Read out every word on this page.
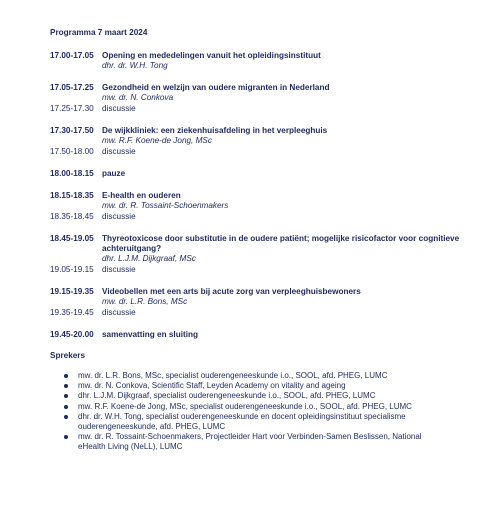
Programma 7 maart 2024
17.00-17.05	Opening en mededelingen vanuit het opleidingsinstituut
dhr. dr. W.H. Tong
17.05-17.25	Gezondheid en welzijn van oudere migranten in Nederland
mw. dr. N. Conkova
17.25-17.30	discussie
17.30-17.50	De wijkkliniek: een ziekenhuisafdeling in het verpleeghuis
mw. R.F. Koene-de Jong, MSc
17.50-18.00	discussie
18.00-18.15	pauze
18.15-18.35	E-health en ouderen
mw. dr. R. Tossaint-Schoenmakers
18.35-18.45	discussie
18.45-19.05	Thyreotoxicose door substitutie in de oudere patiënt; mogelijke risicofactor voor cognitieve achteruitgang?
dhr. L.J.M. Dijkgraaf, MSc
19.05-19.15	discussie
19.15-19.35	Videobellen met een arts bij acute zorg van verpleeghuisbewoners
mw. dr. L.R. Bons, MSc
19.35-19.45	discussie
19.45-20.00	samenvatting en sluiting
Sprekers
mw. dr. L.R. Bons, MSc, specialist ouderengeneeskunde i.o., SOOL, afd. PHEG, LUMC
mw. dr. N. Conkova, Scientific Staff, Leyden Academy on vitality and ageing
dhr. L.J.M. Dijkgraaf, specialist ouderengeneeskunde i.o., SOOL, afd. PHEG, LUMC
mw. R.F. Koene-de Jong, MSc, specialist ouderengeneeskunde i.o., SOOL, afd. PHEG, LUMC
dhr. dr. W.H. Tong, specialist ouderengeneeskunde en docent opleidingsinstituut specialisme ouderengeneeskunde, afd. PHEG, LUMC
mw. dr. R. Tossaint-Schoenmakers, Projectleider Hart voor Verbinden-Samen Beslissen, National eHealth Living (NeLL), LUMC
